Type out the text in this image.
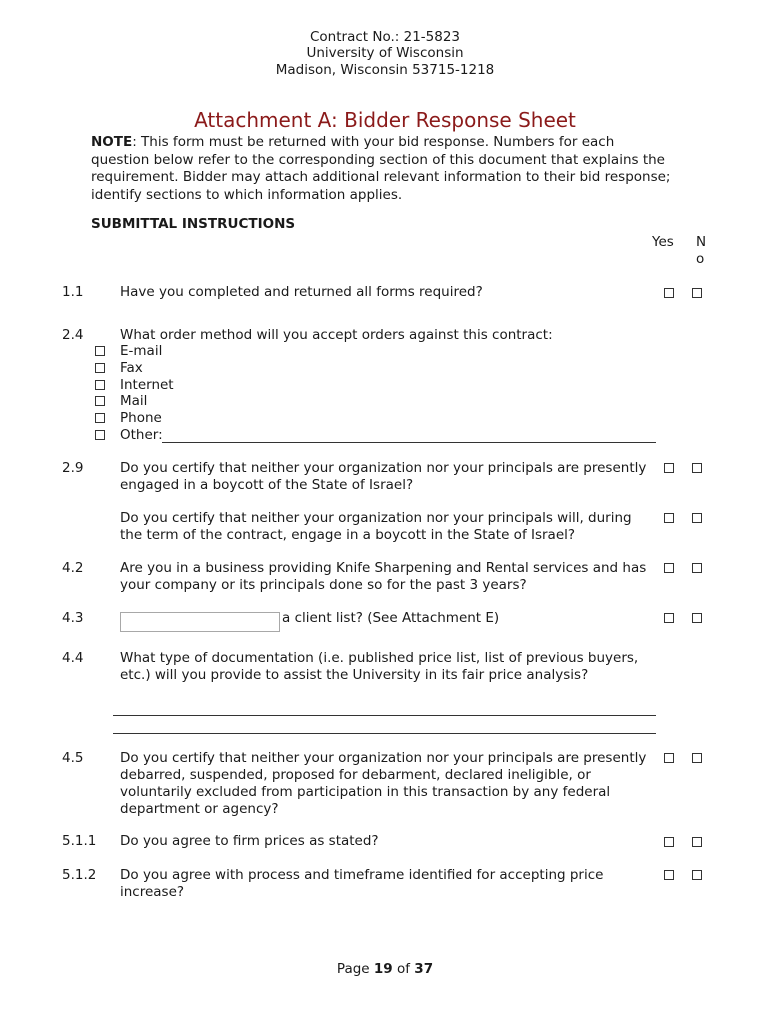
Contract No.: 21-5823
University of Wisconsin
Madison, Wisconsin 53715-1218
Attachment A: Bidder Response Sheet
NOTE: This form must be returned with your bid response. Numbers for each question below refer to the corresponding section of this document that explains the requirement. Bidder may attach additional relevant information to their bid response; identify sections to which information applies.
SUBMITTAL INSTRUCTIONS
Yes No
1.1	Have you completed and returned all forms required?
2.4	What order method will you accept orders against this contract:
E-mail
Fax
Internet
Mail
Phone
Other:
2.9	Do you certify that neither your organization nor your principals are presently engaged in a boycott of the State of Israel?
Do you certify that neither your organization nor your principals will, during the term of the contract, engage in a boycott in the State of Israel?
4.2	Are you in a business providing Knife Sharpening and Rental services and has your company or its principals done so for the past 3 years?
4.3	a client list? (See Attachment E)
4.4	What type of documentation (i.e. published price list, list of previous buyers, etc.) will you provide to assist the University in its fair price analysis?
4.5	Do you certify that neither your organization nor your principals are presently debarred, suspended, proposed for debarment, declared ineligible, or voluntarily excluded from participation in this transaction by any federal department or agency?
5.1.1 Do you agree to firm prices as stated?
5.1.2 Do you agree with process and timeframe identified for accepting price increase?
Page 19 of 37
